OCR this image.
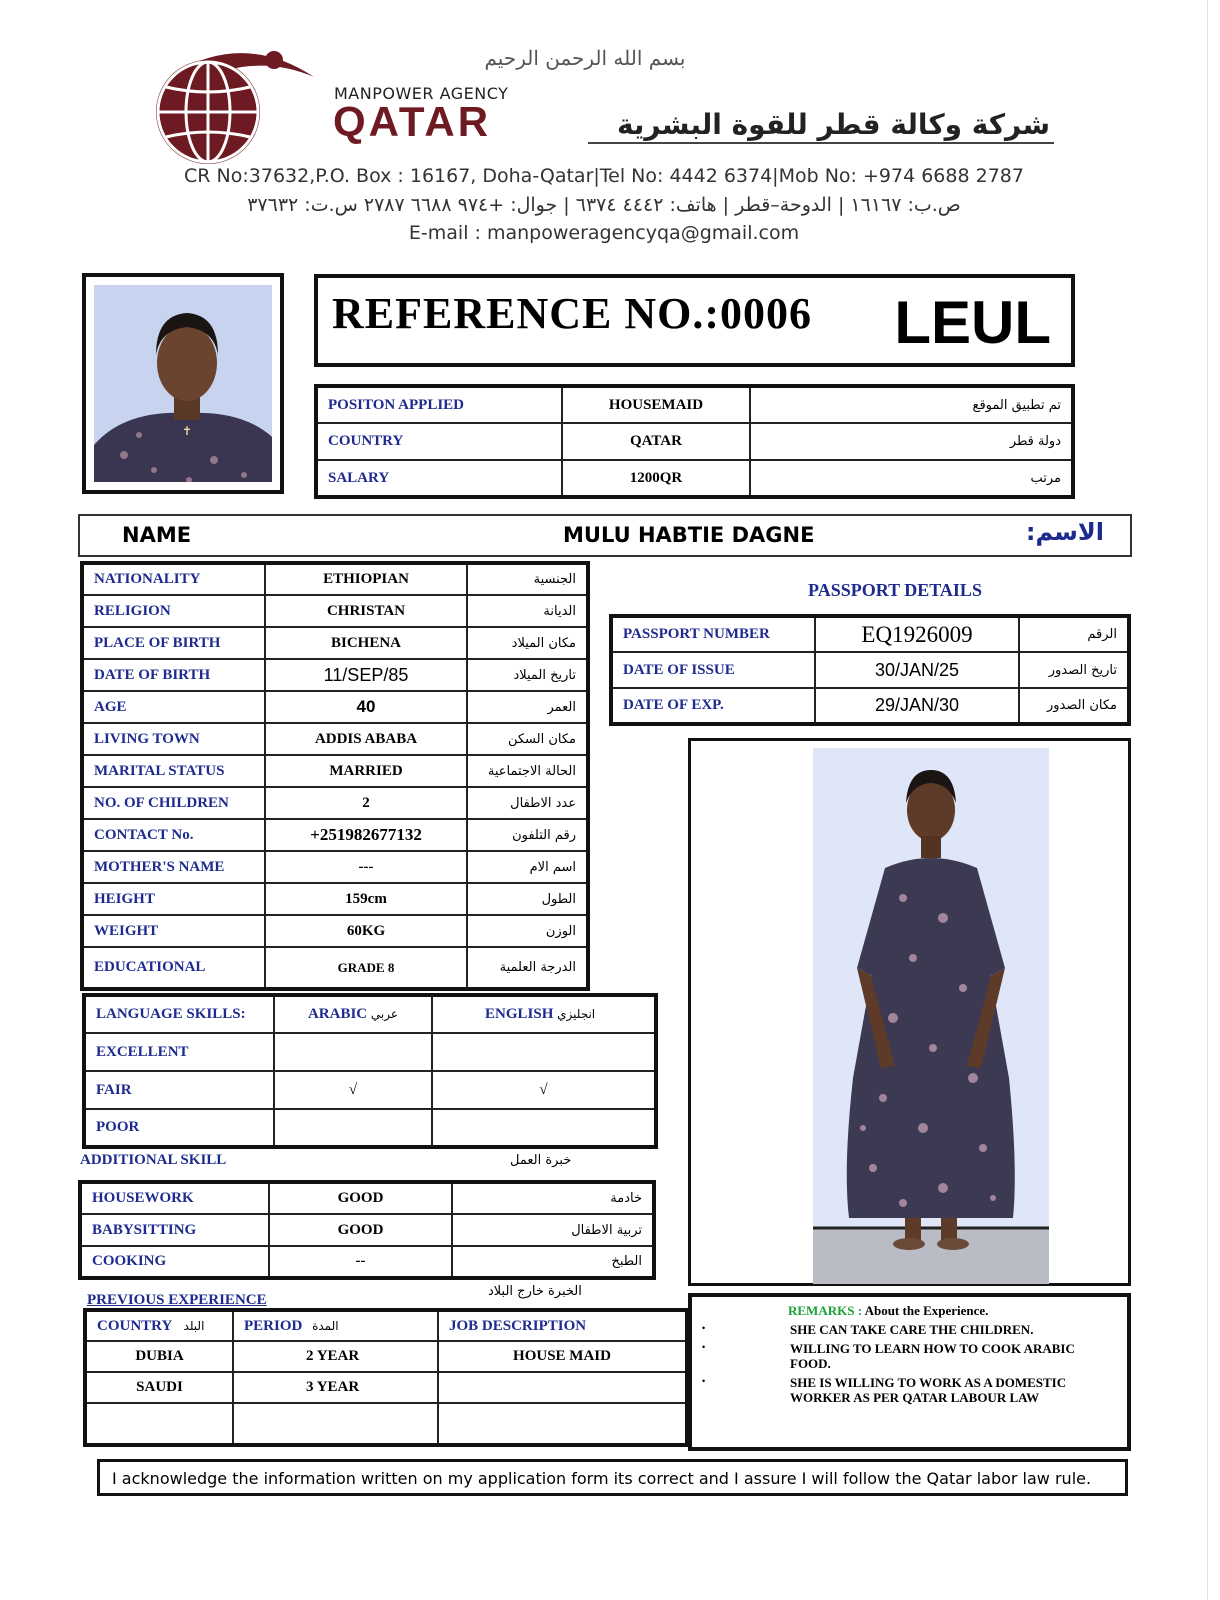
بسم الله الرحمن الرحيم
MANPOWER AGENCY
QATAR	شركة وكالة قطر للقوة البشرية
CR No:37632,P.O. Box : 16167, Doha-Qatar|Tel No: 4442 6374|Mob No: +974 6688 2787
ص.ب: ١٦١٦٧ | الدوحة–قطر | هاتف: ٤٤٤٢ ٦٣٧٤ | جوال: +٩٧٤ ٦٦٨٨ ٢٧٨٧ س.ت: ٣٧٦٣٢
E-mail : manpoweragencyqa@gmail.com
✝
REFERENCE NO.:0006 LEUL
POSITON APPLIED	HOUSEMAID	تم تطبيق الموقع
COUNTRY	QATAR	دولة قطر
SALARY	1200QR	مرتب
NAME	MULU HABTIE DAGNE	الاسم:
NATIONALITY	ETHIOPIAN	الجنسية
RELIGION	CHRISTAN	الديانة
PLACE OF BIRTH	BICHENA	مكان الميلاد
DATE OF BIRTH	11/SEP/85	تاريخ الميلاد
AGE	40	العمر
LIVING TOWN	ADDIS ABABA	مكان السكن
MARITAL STATUS	MARRIED	الحالة الاجتماعية
NO. OF CHILDREN	2	عدد الاطفال
CONTACT No.	+251982677132	رقم التلفون
MOTHER'S NAME	---	اسم الام
HEIGHT	159cm	الطول
WEIGHT	60KG	الوزن
EDUCATIONAL	GRADE 8	الدرجة العلمية
PASSPORT DETAILS
PASSPORT NUMBER	EQ1926009	الرقم
DATE OF ISSUE	30/JAN/25	تاريخ الصدور
DATE OF EXP.	29/JAN/30	مكان الصدور
LANGUAGE SKILLS:	ARABIC عربي	ENGLISH انجليزي
EXCELLENT		
FAIR	√	√
POOR		
ADDITIONAL SKILL	خبرة العمل
HOUSEWORK	GOOD	خادمة
BABYSITTING	GOOD	تربية الاطفال
COOKING	--	الطبخ
PREVIOUS EXPERIENCE
الخبرة خارج البلاد
COUNTRY البلد	PERIOD المدة	JOB DESCRIPTION
DUBIA	2 YEAR	HOUSE MAID
SAUDI	3 YEAR	

REMARKS : About the Experience.
• SHE CAN TAKE CARE THE CHILDREN.
• WILLING TO LEARN HOW TO COOK ARABIC FOOD.
• SHE IS WILLING TO WORK AS A DOMESTIC WORKER AS PER QATAR LABOUR LAW
I acknowledge the information written on my application form its correct and I assure I will follow the Qatar labor law rule.
